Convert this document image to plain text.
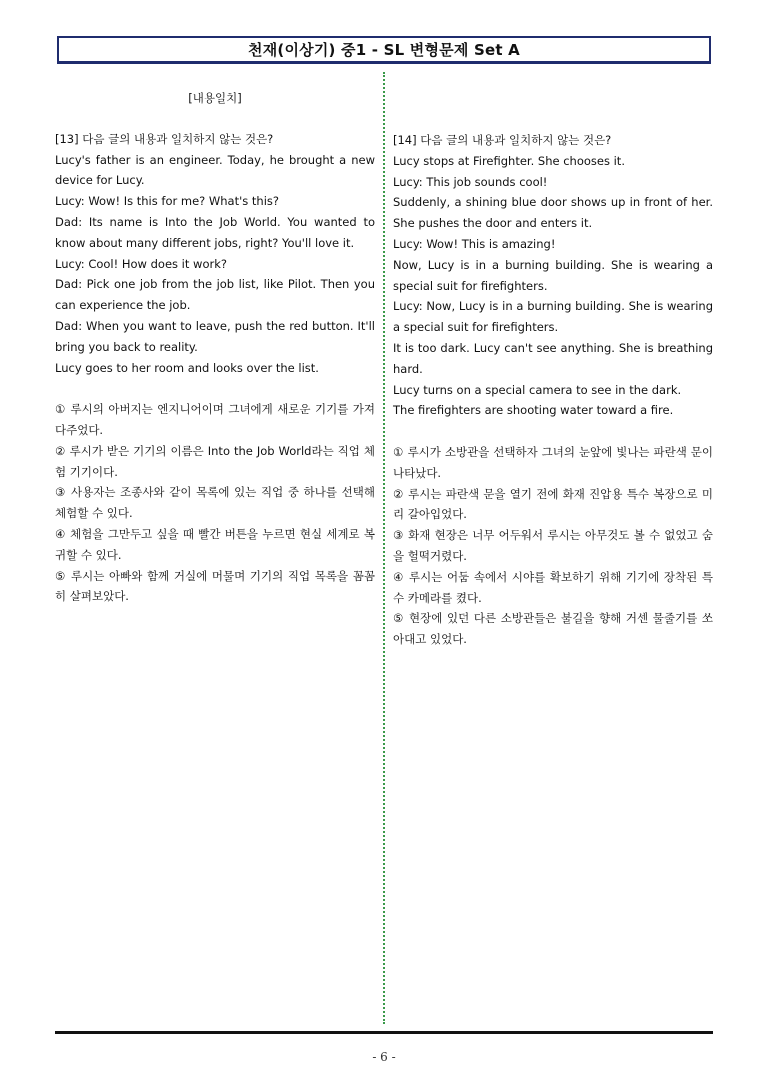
천재(이상기) 중1 - SL 변형문제 Set A
[내용일치]

[13] 다음 글의 내용과 일치하지 않는 것은?

Lucy's father is an engineer. Today, he brought a new device for Lucy.

Lucy: Wow! Is this for me? What's this?

Dad: Its name is Into the Job World. You wanted to know about many different jobs, right? You'll love it.

Lucy: Cool! How does it work?

Dad: Pick one job from the job list, like Pilot. Then you can experience the job.

Dad: When you want to leave, push the red button. It'll bring you back to reality.

Lucy goes to her room and looks over the list.

① 루시의 아버지는 엔지니어이며 그녀에게 새로운 기기를 가져다주었다.

② 루시가 받은 기기의 이름은 Into the Job World라는 직업 체험 기기이다.

③ 사용자는 조종사와 같이 목록에 있는 직업 중 하나를 선택해 체험할 수 있다.

④ 체험을 그만두고 싶을 때 빨간 버튼을 누르면 현실 세계로 복귀할 수 있다.

⑤ 루시는 아빠와 함께 거실에 머물며 기기의 직업 목록을 꼼꼼히 살펴보았다.

[14] 다음 글의 내용과 일치하지 않는 것은?

Lucy stops at Firefighter. She chooses it.

Lucy: This job sounds cool!

Suddenly, a shining blue door shows up in front of her. She pushes the door and enters it.

Lucy: Wow! This is amazing!

Now, Lucy is in a burning building. She is wearing a special suit for firefighters.

Lucy: Now, Lucy is in a burning building. She is wearing a special suit for firefighters.

It is too dark. Lucy can't see anything. She is breathing hard.

Lucy turns on a special camera to see in the dark.

The firefighters are shooting water toward a fire.

① 루시가 소방관을 선택하자 그녀의 눈앞에 빛나는 파란색 문이 나타났다.

② 루시는 파란색 문을 열기 전에 화재 진압용 특수 복장으로 미리 갈아입었다.

③ 화재 현장은 너무 어두워서 루시는 아무것도 볼 수 없었고 숨을 헐떡거렸다.

④ 루시는 어둠 속에서 시야를 확보하기 위해 기기에 장착된 특수 카메라를 켰다.

⑤ 현장에 있던 다른 소방관들은 불길을 향해 거센 물줄기를 쏘아대고 있었다.

- 6 -
